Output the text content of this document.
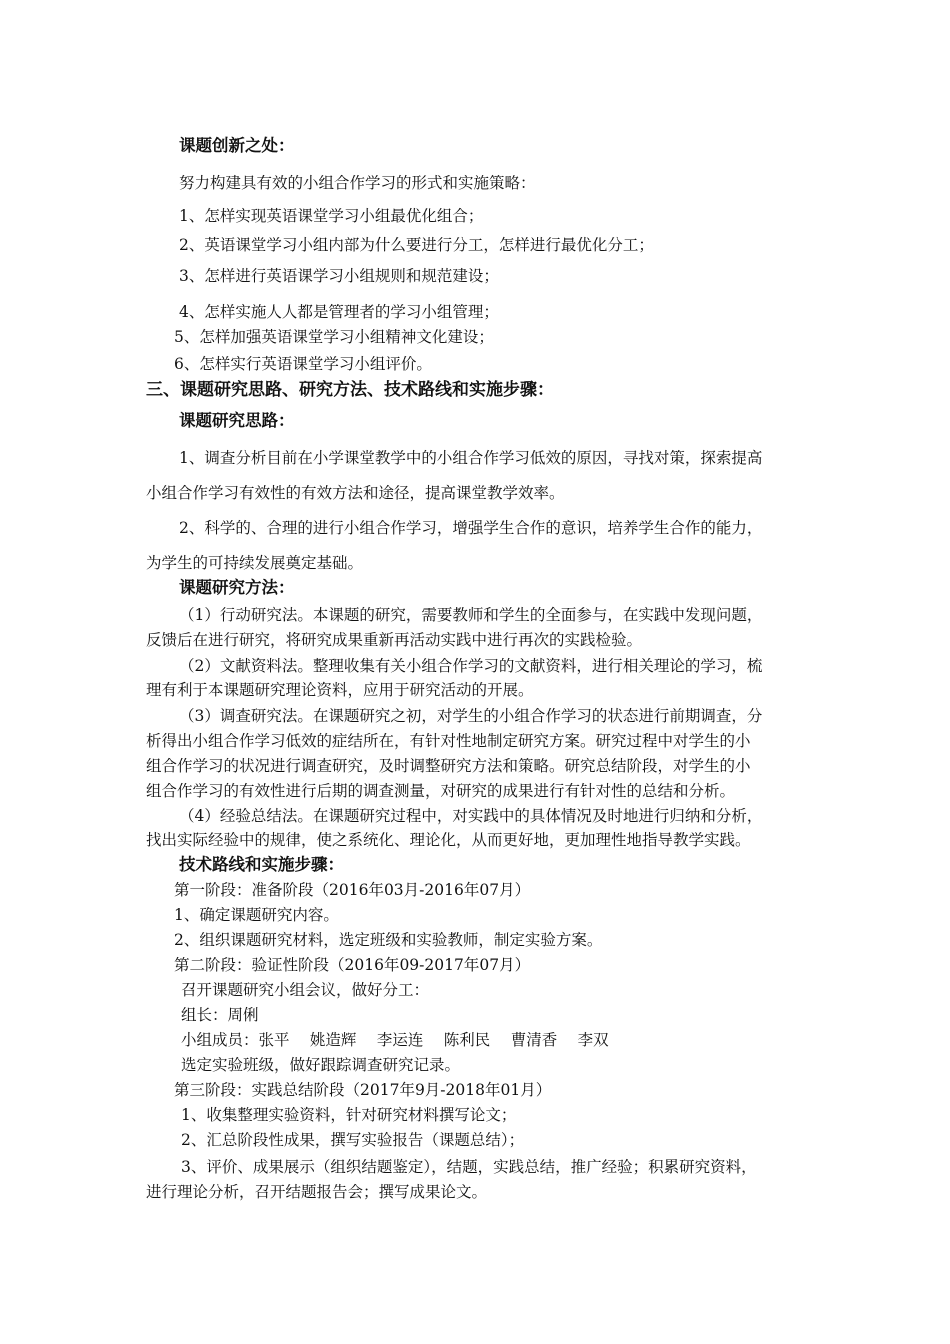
课题创新之处：
努力构建具有效的小组合作学习的形式和实施策略：
1、怎样实现英语课堂学习小组最优化组合；
2、英语课堂学习小组内部为什么要进行分工，怎样进行最优化分工；
3、怎样进行英语课学习小组规则和规范建设；
4、怎样实施人人都是管理者的学习小组管理；
5、怎样加强英语课堂学习小组精神文化建设；
6、怎样实行英语课堂学习小组评价。
三、课题研究思路、研究方法、技术路线和实施步骤：
课题研究思路：
1、调查分析目前在小学课堂教学中的小组合作学习低效的原因，寻找对策，探索提高
小组合作学习有效性的有效方法和途径，提高课堂教学效率。
2、科学的、合理的进行小组合作学习，增强学生合作的意识，培养学生合作的能力，
为学生的可持续发展奠定基础。
课题研究方法：
（1）行动研究法。本课题的研究，需要教师和学生的全面参与，在实践中发现问题，
反馈后在进行研究，将研究成果重新再活动实践中进行再次的实践检验。
（2）文献资料法。整理收集有关小组合作学习的文献资料，进行相关理论的学习，梳
理有利于本课题研究理论资料，应用于研究活动的开展。
（3）调查研究法。在课题研究之初，对学生的小组合作学习的状态进行前期调查，分
析得出小组合作学习低效的症结所在，有针对性地制定研究方案。研究过程中对学生的小
组合作学习的状况进行调查研究，及时调整研究方法和策略。研究总结阶段，对学生的小
组合作学习的有效性进行后期的调查测量，对研究的成果进行有针对性的总结和分析。
（4）经验总结法。在课题研究过程中，对实践中的具体情况及时地进行归纳和分析，
找出实际经验中的规律，使之系统化、理论化，从而更好地，更加理性地指导教学实践。
技术路线和实施步骤：
第一阶段：准备阶段（2016年03月-2016年07月）
1、确定课题研究内容。
2、组织课题研究材料，选定班级和实验教师，制定实验方案。
第二阶段：验证性阶段（2016年09-2017年07月）
召开课题研究小组会议，做好分工：
组长：周俐
小组成员：张平　 姚造辉　 李运连　 陈利民　 曹清香　 李双
选定实验班级，做好跟踪调查研究记录。
第三阶段：实践总结阶段（2017年9月-2018年01月）
1、收集整理实验资料，针对研究材料撰写论文；
2、汇总阶段性成果，撰写实验报告（课题总结）；
3、评价、成果展示（组织结题鉴定），结题，实践总结，推广经验；积累研究资料，
进行理论分析，召开结题报告会；撰写成果论文。
